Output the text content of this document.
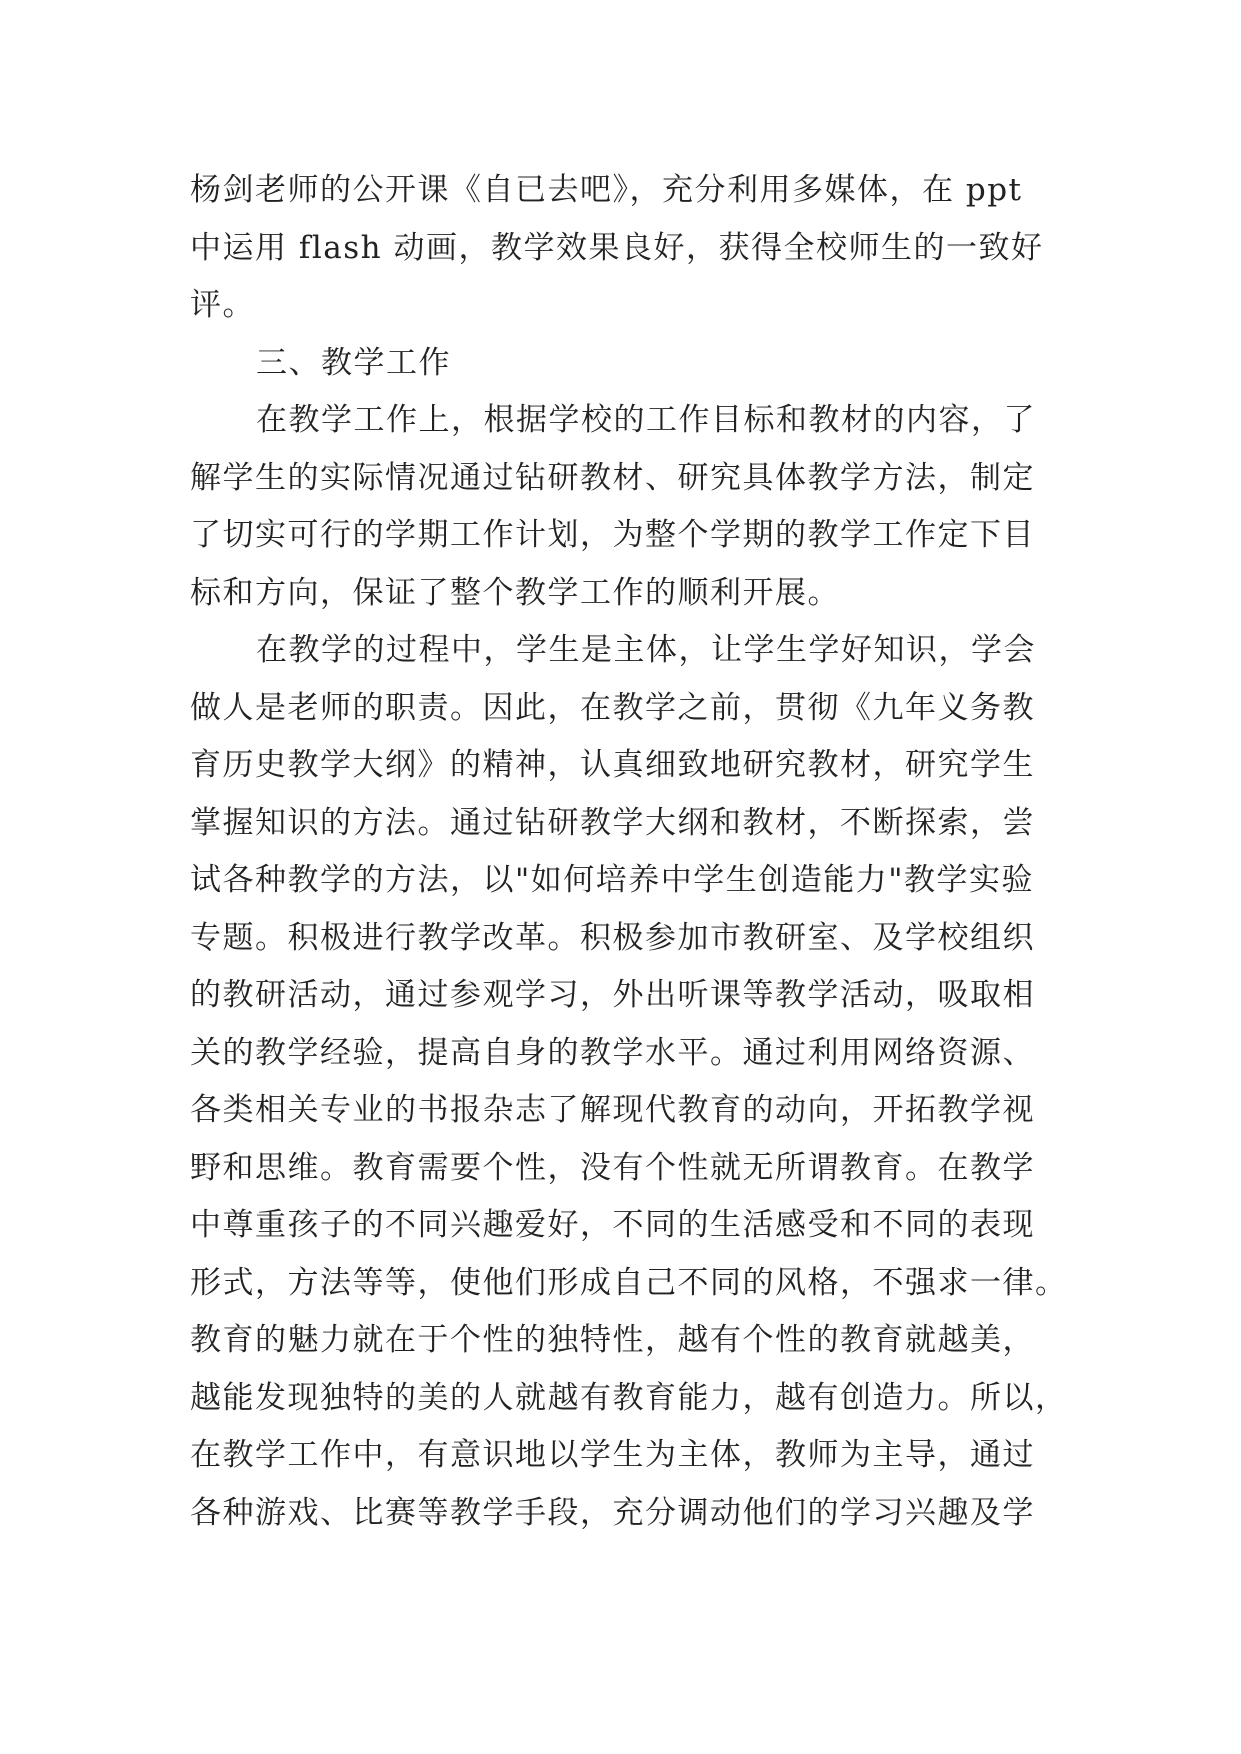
杨剑老师的公开课《自已去吧》，充分利用多媒体，在 ppt
中运用 flash 动画，教学效果良好，获得全校师生的一致好
评。
三、教学工作
在教学工作上，根据学校的工作目标和教材的内容，了
解学生的实际情况通过钻研教材、研究具体教学方法，制定
了切实可行的学期工作计划，为整个学期的教学工作定下目
标和方向，保证了整个教学工作的顺利开展。
在教学的过程中，学生是主体，让学生学好知识，学会
做人是老师的职责。因此，在教学之前，贯彻《九年义务教
育历史教学大纲》的精神，认真细致地研究教材，研究学生
掌握知识的方法。通过钻研教学大纲和教材，不断探索，尝
试各种教学的方法，以"如何培养中学生创造能力"教学实验
专题。积极进行教学改革。积极参加市教研室、及学校组织
的教研活动，通过参观学习，外出听课等教学活动，吸取相
关的教学经验，提高自身的教学水平。通过利用网络资源、
各类相关专业的书报杂志了解现代教育的动向，开拓教学视
野和思维。教育需要个性，没有个性就无所谓教育。在教学
中尊重孩子的不同兴趣爱好，不同的生活感受和不同的表现
形式，方法等等，使他们形成自己不同的风格，不强求一律。
教育的魅力就在于个性的独特性，越有个性的教育就越美，
越能发现独特的美的人就越有教育能力，越有创造力。所以，
在教学工作中，有意识地以学生为主体，教师为主导，通过
各种游戏、比赛等教学手段，充分调动他们的学习兴趣及学
